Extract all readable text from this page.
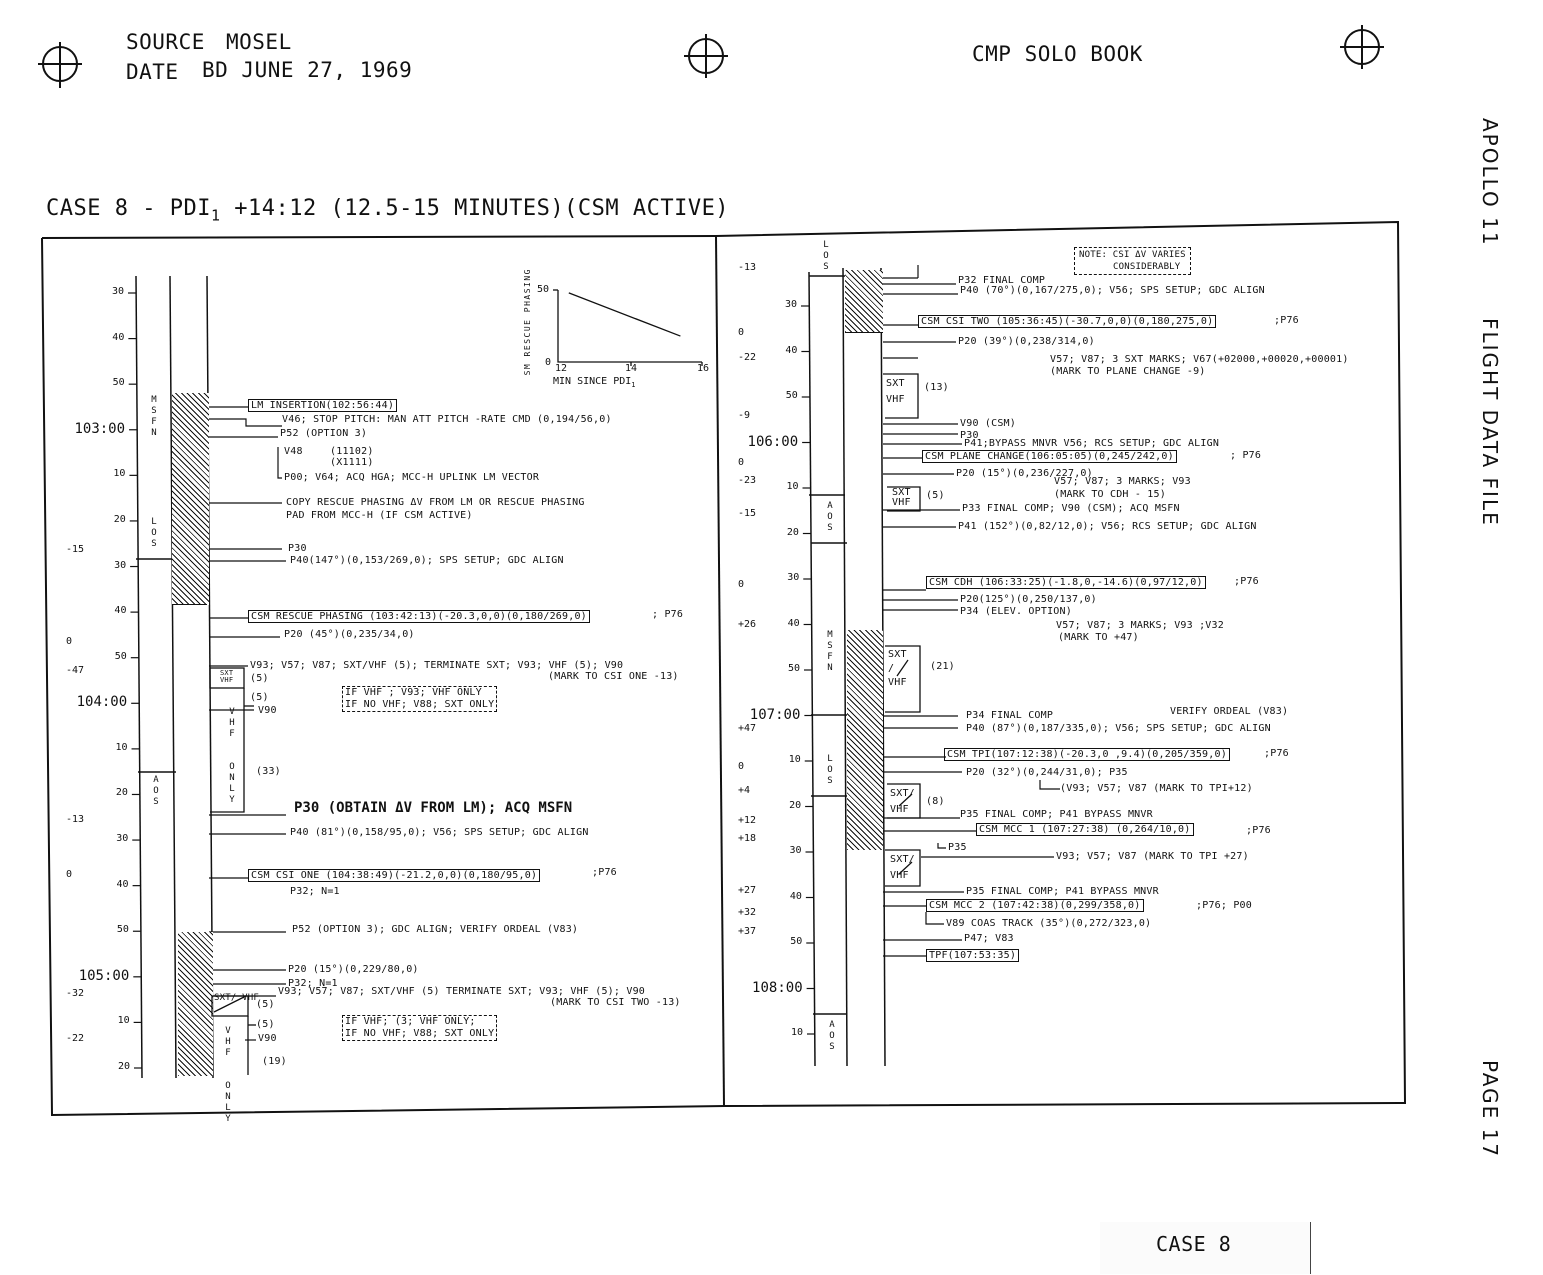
SOURCE MOSEL
DATE BD JUNE 27, 1969
CMP SOLO BOOK
APOLLO 11
FLIGHT DATA FILE
PAGE 17
CASE $8 - PDI_1$ +14:12 (12.5-15 MINUTES)(CSM ACTIVE)
30
40
50
103:00
10
20
30
40
50
104:00
10
20
30
40
50
105:00
10
20
-15
0
-47
-13
0
-32
-22
M
S
F
N
L
O
S
A
O
S
V
H
F

O
N
L
Y
V
H
F

O
N
L
Y
SXT
VHF
SXT/ VHF
LM INSERTION(102:56:44)
V46; STOP PITCH: MAN ATT PITCH -RATE CMD (0,194/56,0)
P52 (OPTION 3)
V48	(11102)
(X1111)
P00; V64; ACQ HGA; MCC-H UPLINK LM VECTOR
COPY RESCUE PHASING ΔV FROM LM OR RESCUE PHASING
PAD FROM MCC-H (IF CSM ACTIVE)
P30
P40(147°)(0,153/269,0); SPS SETUP; GDC ALIGN
CSM RESCUE PHASING (103:42:13)(-20.3,0,0)(0,180/269,0)	; P76
P20 (45°)(0,235/34,0)
V93; V57; V87; SXT/VHF (5); TERMINATE SXT; V93; VHF (5); V90
(MARK TO CSI ONE -13)
(5)
(5)
V90
IF VHF ; V93; VHF ONLY
IF NO VHF; V88; SXT ONLY
(33)
P30 (OBTAIN ΔV FROM LM); ACQ MSFN
P40 (81°)(0,158/95,0); V56; SPS SETUP; GDC ALIGN
CSM CSI ONE (104:38:49)(-21.2,0,0)(0,180/95,0)	;P76
P32; N=1
P52 (OPTION 3); GDC ALIGN; VERIFY ORDEAL (V83)
P20 (15°)(0,229/80,0)
P32; N=1
V93; V57; V87; SXT/VHF (5) TERMINATE SXT; V93; VHF (5); V90
(MARK TO CSI TWO -13)
(5)
(5)
V90
IF VHF; (3; VHF ONLY;
IF NO VHF; V88; SXT ONLY
(19)
SM RESCUE PHASING 50
0
12	14	16
MIN SINCE $PDI_1$
30
40
50
106:00
10
20
30
40
50
107:00
10
20
30
40
50
108:00
10
-13
0
-22
-9
0
-23
-15
0
+26
+47
0
+4
+12
+18
+27
+32
+37
L
O
S
A
O
S
M
S
F
N
L
O
S
A
O
S
SXT
VHF
SXT
VHF
SXT
/
VHF
SXT/
VHF
SXT/
VHF
NOTE: CSI ΔV VARIES
CONSIDERABLY
P32 FINAL COMP
P40 (70°)(0,167/275,0); V56; SPS SETUP; GDC ALIGN
CSM CSI TWO (105:36:45)(-30.7,0,0)(0,180,275,0)	;P76
P20 (39°)(0,238/314,0)
V57; V87; 3 SXT MARKS; V67(+02000,+00020,+00001)
(MARK TO PLANE CHANGE -9)
(13)
V90 (CSM)
P30
P41;BYPASS MNVR V56; RCS SETUP; GDC ALIGN
CSM PLANE CHANGE(106:05:05)(0,245/242,0)	; P76
P20 (15°)(0,236/227,0)
V57; V87; 3 MARKS; V93
(MARK TO CDH - 15)
(5)
P33 FINAL COMP; V90 (CSM); ACQ MSFN
P41 (152°)(0,82/12,0); V56; RCS SETUP; GDC ALIGN
CSM CDH (106:33:25)(-1.8,0,-14.6)(0,97/12,0)	;P76
P20(125°)(0,250/137,0)
P34 (ELEV. OPTION)
V57; V87; 3 MARKS; V93 ;V32
(MARK TO +47)
(21)
P34 FINAL COMP	VERIFY ORDEAL (V83)
P40 (87°)(0,187/335,0); V56; SPS SETUP; GDC ALIGN
CSM TPI(107:12:38)(-20.3,0 ,9.4)(0,205/359,0)	;P76
P20 (32°)(0,244/31,0); P35
(V93; V57; V87 (MARK TO TPI+12)
(8)
P35 FINAL COMP; P41 BYPASS MNVR
CSM MCC 1 (107:27:38) (0,264/10,0)	;P76
P35
V93; V57; V87 (MARK TO TPI +27)
P35 FINAL COMP; P41 BYPASS MNVR
CSM MCC 2 (107:42:38)(0,299/358,0)	;P76; P00
V89 COAS TRACK (35°)(0,272/323,0)
P47; V83
TPF(107:53:35)
CASE 8
